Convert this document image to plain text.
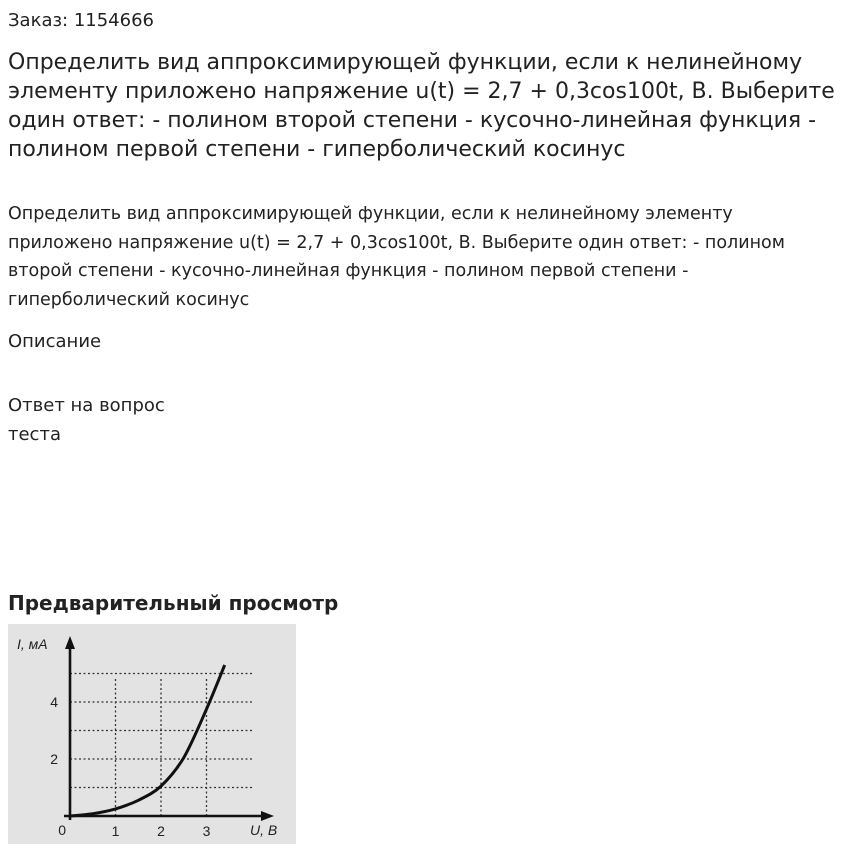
Заказ: 1154666
Определить вид аппроксимирующей функции, если к нелинейному элементу приложено напряжение u(t) = 2,7 + 0,3cos100t, В. Выберите один ответ: - полином второй степени - кусочно-линейная функция - полином первой степени - гиперболический косинус
Определить вид аппроксимирующей функции, если к нелинейному элементу приложено напряжение u(t) = 2,7 + 0,3cos100t, В. Выберите один ответ: - полином второй степени - кусочно-линейная функция - полином первой степени - гиперболический косинус
Описание
Ответ на вопрос теста
Предварительный просмотр
1	2	3
2
4
0
I, мА
U, В
